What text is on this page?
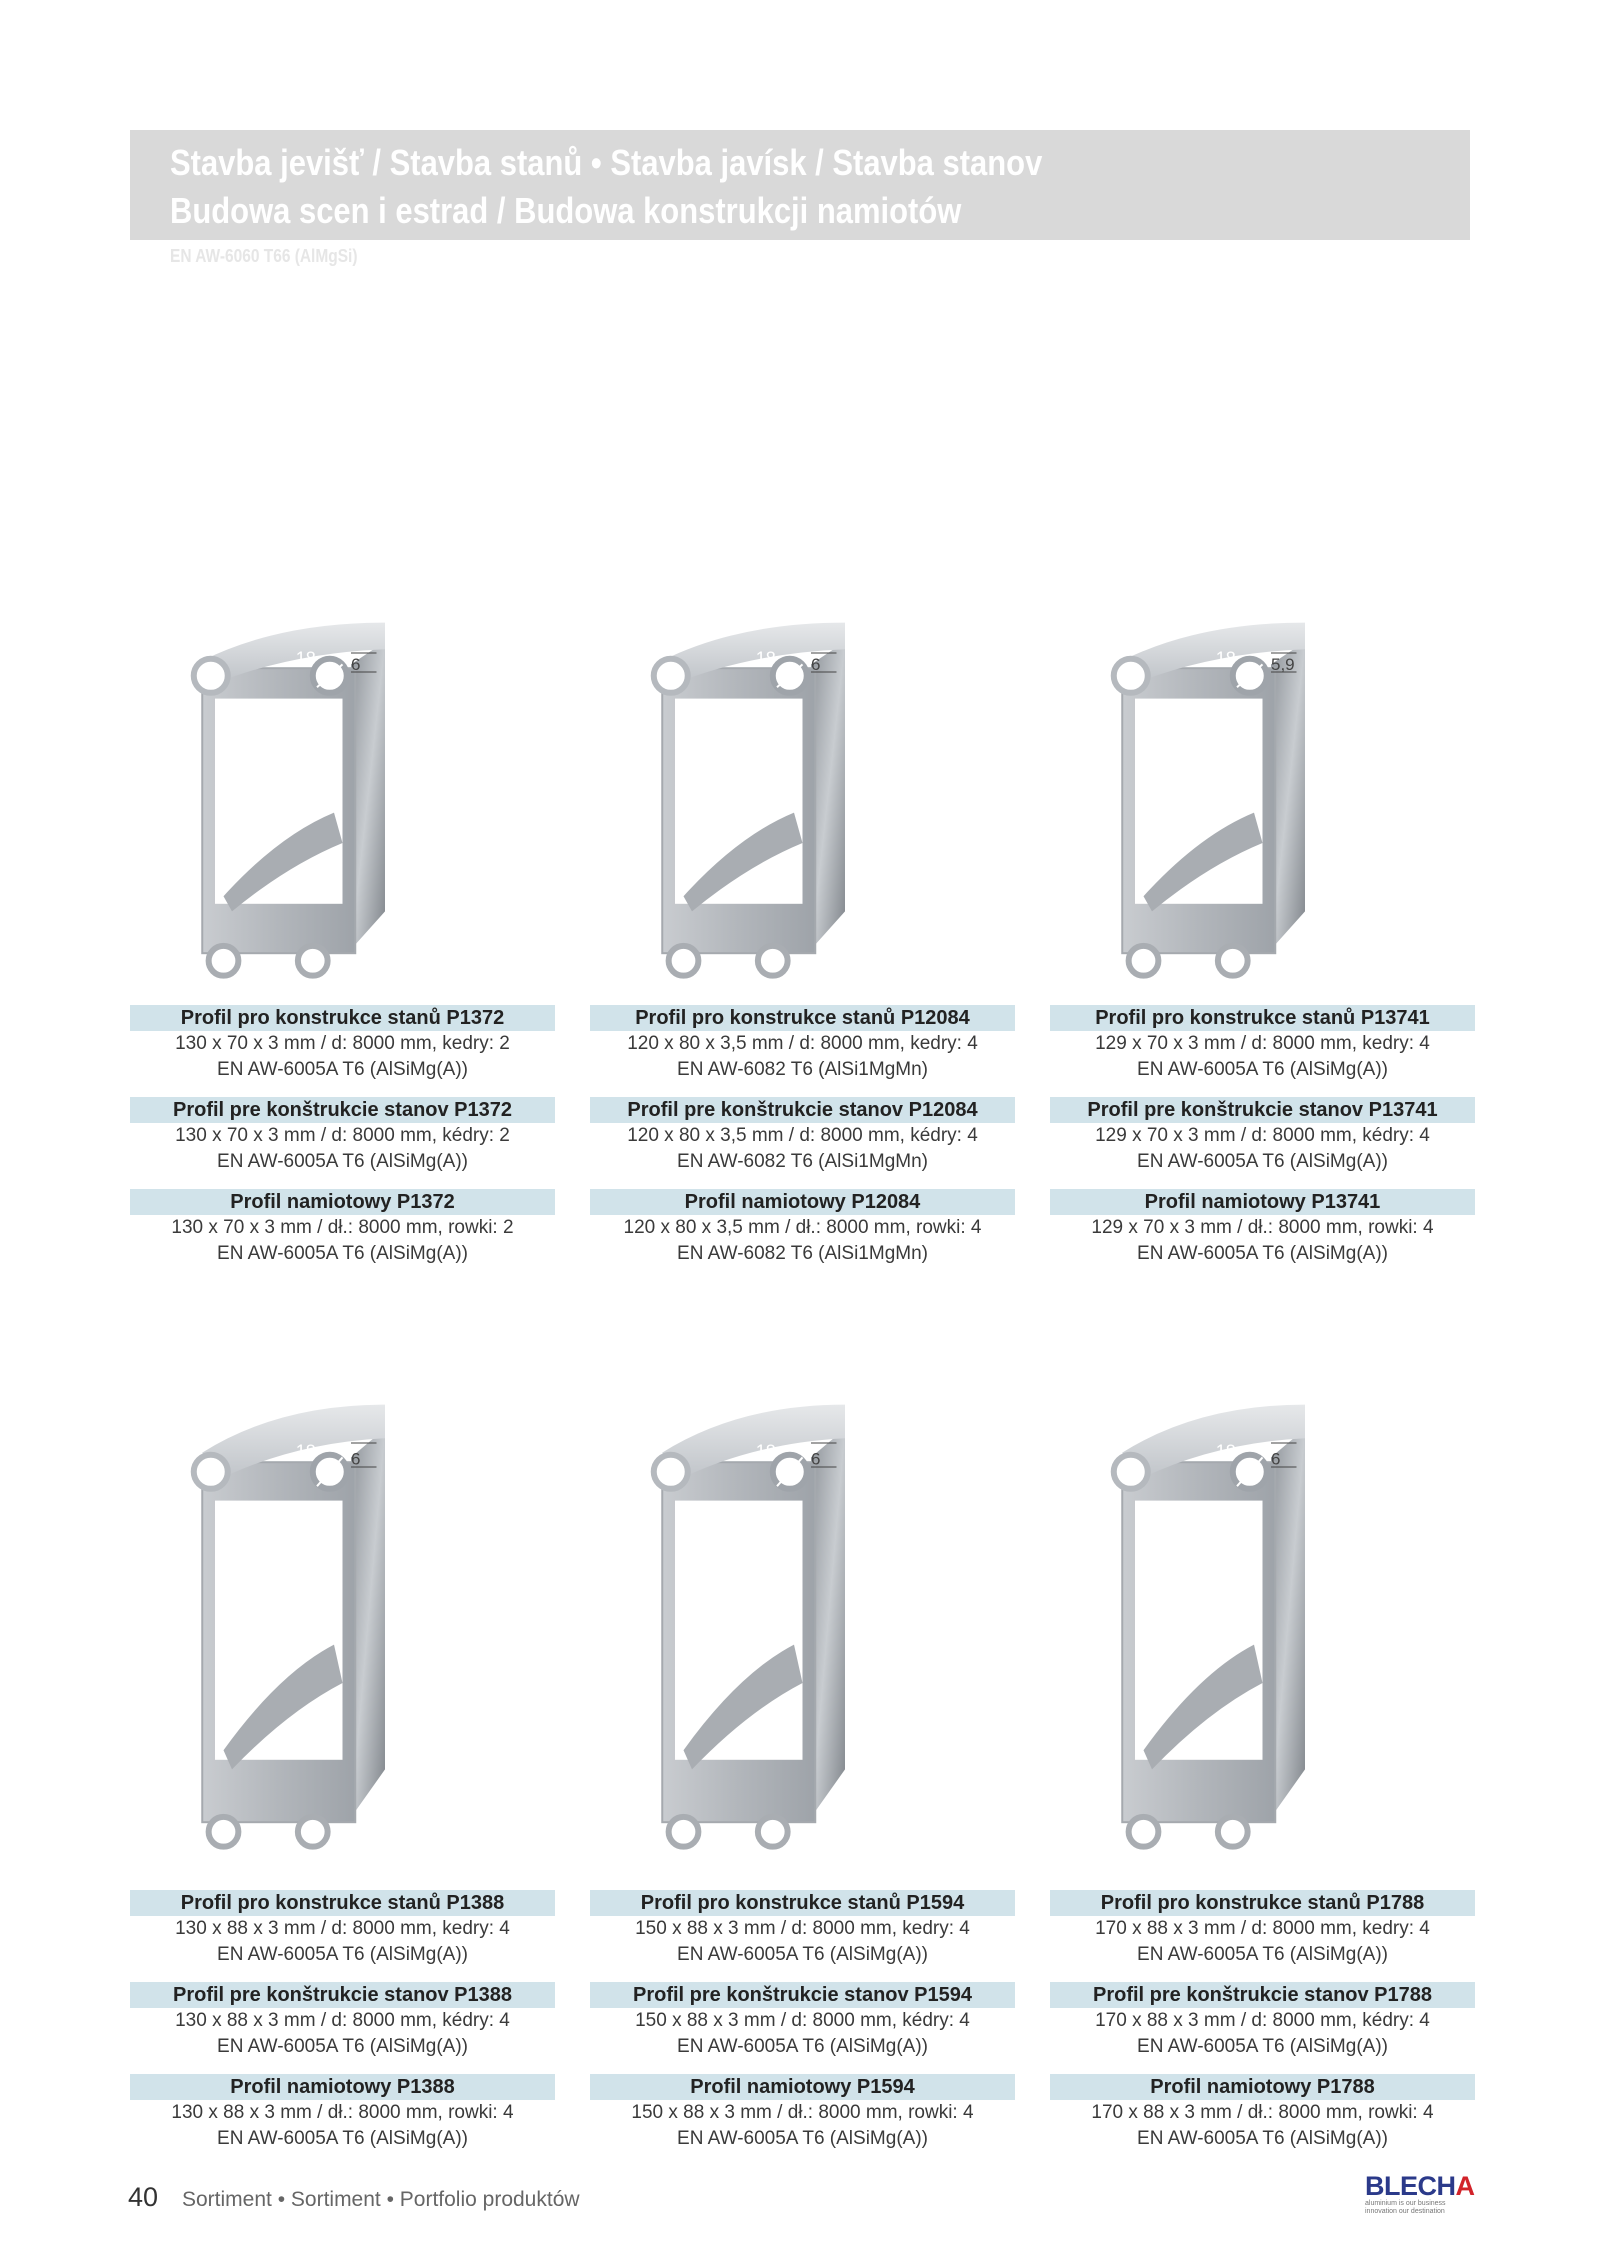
Stavba jevišť / Stavba stanů • Stavba javísk / Stavba stanov
Budowa scen i estrad / Budowa konstrukcji namiotów
EN AW-6060 T66 (AlMgSi)
18 6
Profil pro konstrukce stanů P1372
130 x 70 x 3 mm / d: 8000 mm, kedry: 2
EN AW-6005A T6 (AlSiMg(A))
Profil pre konštrukcie stanov P1372
130 x 70 x 3 mm / d: 8000 mm, kédry: 2
EN AW-6005A T6 (AlSiMg(A))
Profil namiotowy P1372
130 x 70 x 3 mm / dł.: 8000 mm, rowki: 2
EN AW-6005A T6 (AlSiMg(A))
18 6
Profil pro konstrukce stanů P12084
120 x 80 x 3,5 mm / d: 8000 mm, kedry: 4
EN AW-6082 T6 (AlSi1MgMn)
Profil pre konštrukcie stanov P12084
120 x 80 x 3,5 mm / d: 8000 mm, kédry: 4
EN AW-6082 T6 (AlSi1MgMn)
Profil namiotowy P12084
120 x 80 x 3,5 mm / dł.: 8000 mm, rowki: 4
EN AW-6082 T6 (AlSi1MgMn)
18 5,9
Profil pro konstrukce stanů P13741
129 x 70 x 3 mm / d: 8000 mm, kedry: 4
EN AW-6005A T6 (AlSiMg(A))
Profil pre konštrukcie stanov P13741
129 x 70 x 3 mm / d: 8000 mm, kédry: 4
EN AW-6005A T6 (AlSiMg(A))
Profil namiotowy P13741
129 x 70 x 3 mm / dł.: 8000 mm, rowki: 4
EN AW-6005A T6 (AlSiMg(A))
18 6
Profil pro konstrukce stanů P1388
130 x 88 x 3 mm / d: 8000 mm, kedry: 4
EN AW-6005A T6 (AlSiMg(A))
Profil pre konštrukcie stanov P1388
130 x 88 x 3 mm / d: 8000 mm, kédry: 4
EN AW-6005A T6 (AlSiMg(A))
Profil namiotowy P1388
130 x 88 x 3 mm / dł.: 8000 mm, rowki: 4
EN AW-6005A T6 (AlSiMg(A))
18 6
Profil pro konstrukce stanů P1594
150 x 88 x 3 mm / d: 8000 mm, kedry: 4
EN AW-6005A T6 (AlSiMg(A))
Profil pre konštrukcie stanov P1594
150 x 88 x 3 mm / d: 8000 mm, kédry: 4
EN AW-6005A T6 (AlSiMg(A))
Profil namiotowy P1594
150 x 88 x 3 mm / dł.: 8000 mm, rowki: 4
EN AW-6005A T6 (AlSiMg(A))
18 6
Profil pro konstrukce stanů P1788
170 x 88 x 3 mm / d: 8000 mm, kedry: 4
EN AW-6005A T6 (AlSiMg(A))
Profil pre konštrukcie stanov P1788
170 x 88 x 3 mm / d: 8000 mm, kédry: 4
EN AW-6005A T6 (AlSiMg(A))
Profil namiotowy P1788
170 x 88 x 3 mm / dł.: 8000 mm, rowki: 4
EN AW-6005A T6 (AlSiMg(A))
40 Sortiment • Sortiment • Portfolio produktów	BLECHA
aluminium is our business
innovation our destination
